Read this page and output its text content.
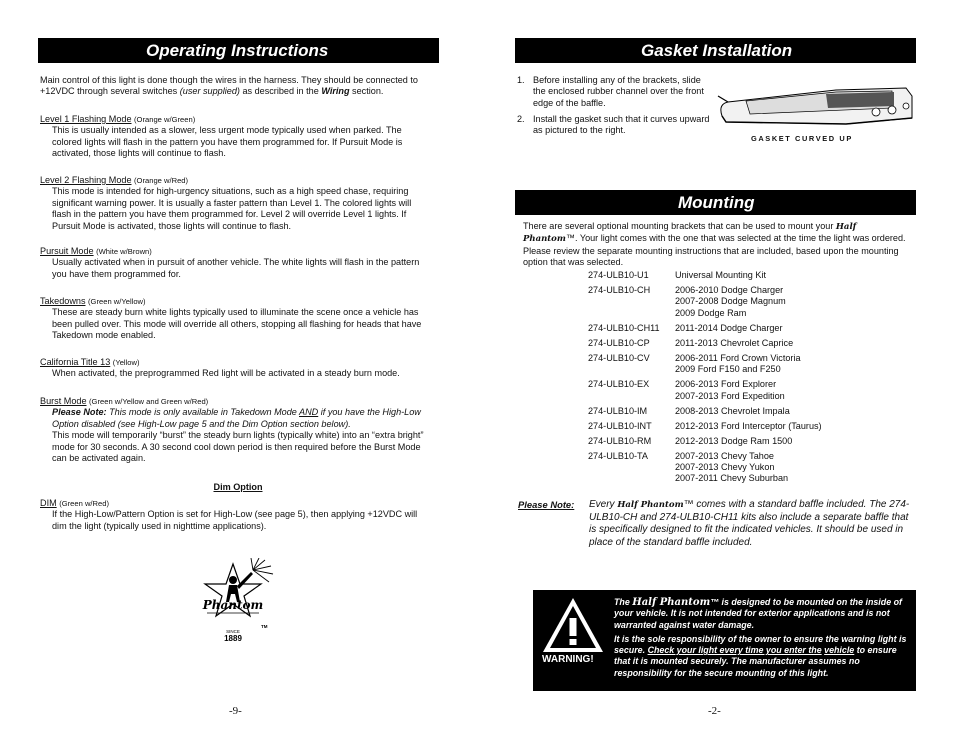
Operating Instructions
Main control of this light is done though the wires in the harness. They should be connected to +12VDC through several switches (user supplied) as described in the Wiring section.
Level 1 Flashing Mode (Orange w/Green)
This is usually intended as a slower, less urgent mode typically used when parked. The colored lights will flash in the pattern you have them programmed for. If Pursuit Mode is activated, those lights will continue to flash.
Level 2 Flashing Mode (Orange w/Red)
This mode is intended for high-urgency situations, such as a high speed chase, requiring significant warning power. It is usually a faster pattern than Level 1. The colored lights will flash in the pattern you have them programmed for. Level 2 will override Level 1 lights. If Pursuit Mode is activated, those lights will continue to flash.
Pursuit Mode (White w/Brown)
Usually activated when in pursuit of another vehicle. The white lights will flash in the pattern you have them programmed for.
Takedowns (Green w/Yellow)
These are steady burn white lights typically used to illuminate the scene once a vehicle has been pulled over. This mode will override all others, stopping all flashing for heads that have Takedown mode enabled.
California Title 13 (Yellow)
When activated, the preprogrammed Red light will be activated in a steady burn mode.
Burst Mode (Green w/Yellow and Green w/Red)
Please Note: This mode is only available in Takedown Mode AND if you have the High-Low Option disabled (see High-Low page 5 and the Dim Option section below).
This mode will temporarily “burst” the steady burn lights (typically white) into an “extra bright” mode for 30 seconds. A 30 second cool down period is then required before the Burst Mode can be activated again.
Dim Option
DIM (Green w/Red)
If the High-Low/Pattern Option is set for High-Low (see page 5), then applying +12VDC will dim the light (typically used in nighttime applications).
Phantom
SINCE
1889
TM
-9-
Gasket Installation
1. Before installing any of the brackets, slide the enclosed rubber channel over the front edge of the baffle.
2. Install the gasket such that it curves upward as pictured to the right.
GASKET CURVED UP
Mounting
There are several optional mounting brackets that can be used to mount your Half Phantom™. Your light comes with the one that was selected at the time the light was ordered. Please review the separate mounting instructions that are included, based upon the mounting option that was selected.
274-ULB10-U1	Universal Mounting Kit

274-ULB10-CH	2006-2010 Dodge Charger
2007-2008 Dodge Magnum
2009 Dodge Ram

274-ULB10-CH11	2011-2014 Dodge Charger

274-ULB10-CP	2011-2013 Chevrolet Caprice

274-ULB10-CV	2006-2011 Ford Crown Victoria
2009 Ford F150 and F250

274-ULB10-EX	2006-2013 Ford Explorer
2007-2013 Ford Expedition

274-ULB10-IM	2008-2013 Chevrolet Impala

274-ULB10-INT	2012-2013 Ford Interceptor (Taurus)

274-ULB10-RM	2012-2013 Dodge Ram 1500

274-ULB10-TA	2007-2013 Chevy Tahoe
2007-2013 Chevy Yukon
2007-2011 Chevy Suburban
Please Note: Every Half Phantom™ comes with a standard baffle included. The 274-ULB10-CH and 274-ULB10-CH11 kits also include a separate baffle that is specifically designed to fit the indicated vehicles. It should be used in place of the standard baffle included.
WARNING!
The Half Phantom™ is designed to be mounted on the inside of your vehicle. It is not intended for exterior applications and is not warranted against water damage.
It is the sole responsibility of the owner to ensure the warning light is secure. Check your light every time you enter the vehicle to ensure that it is mounted securely. The manufacturer assumes no responsibility for the secure mounting of this light.
-2-
